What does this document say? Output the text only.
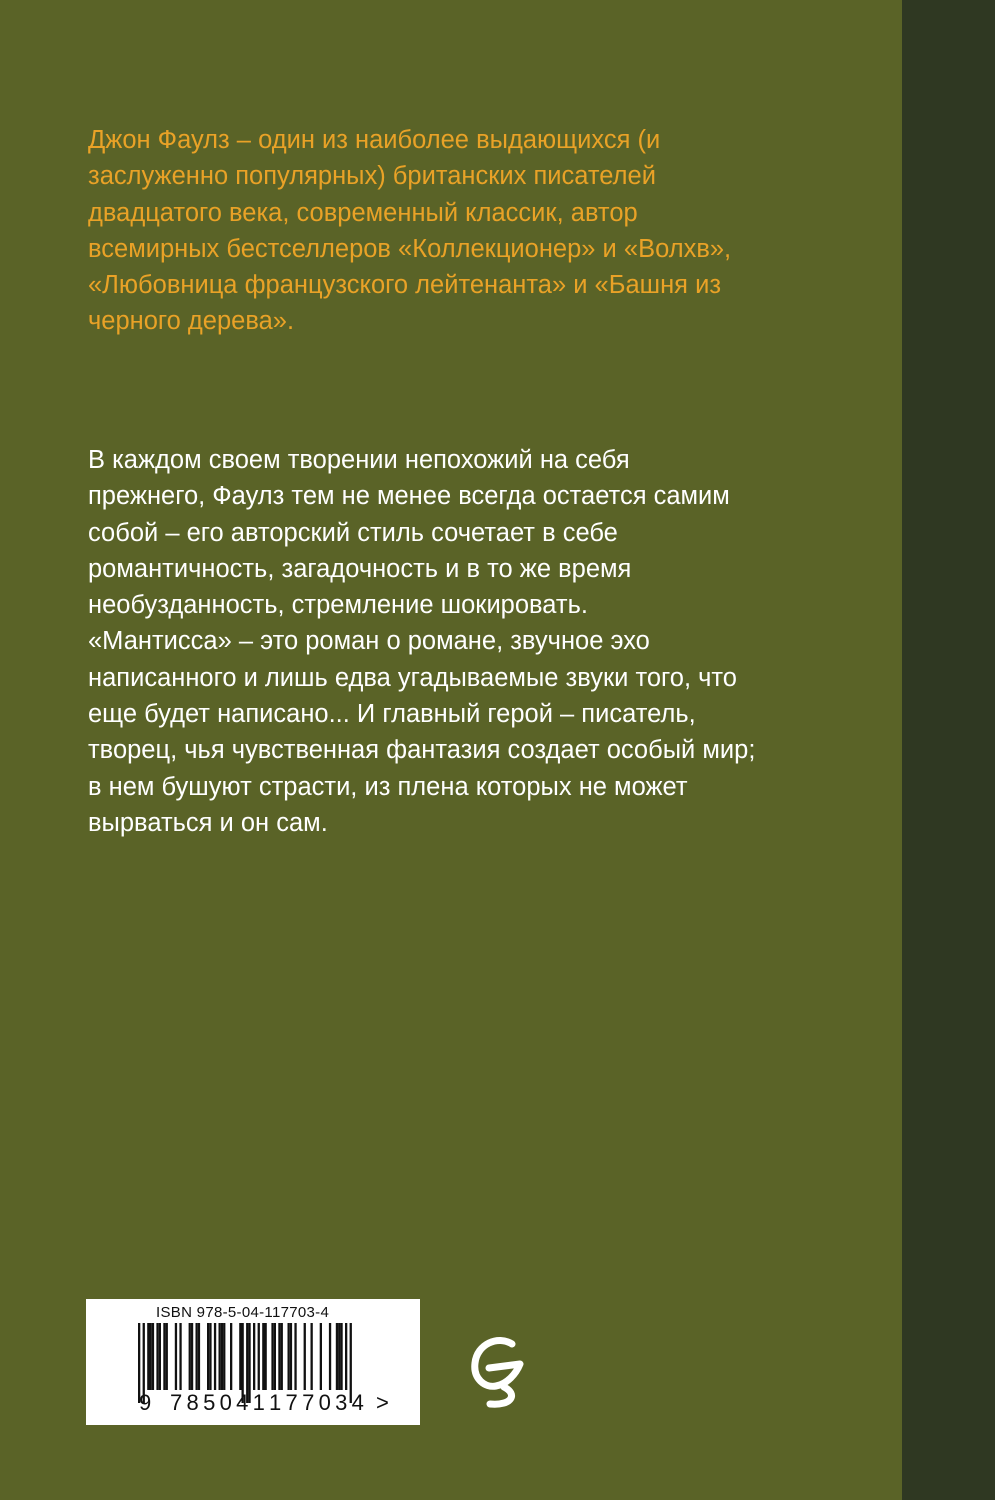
Джон Фаулз – один из наиболее выдающихся (и
заслуженно популярных) британских писателей
двадцатого века, современный классик, автор
всемирных бестселлеров «Коллекционер» и «Волхв»,
«Любовница французского лейтенанта» и «Башня из
черного дерева».
В каждом своем творении непохожий на себя
прежнего, Фаулз тем не менее всегда остается самим
собой – его авторский стиль сочетает в себе
романтичность, загадочность и в то же время
необузданность, стремление шокировать.
«Мантисса» – это роман о романе, звучное эхо
написанного и лишь едва угадываемые звуки того, что
еще будет написано... И главный герой – писатель,
творец, чья чувственная фантазия создает особый мир;
в нем бушуют страсти, из плена которых не может
вырваться и он сам.
ISBN 978-5-04-117703-4
9 785041 177034 >
